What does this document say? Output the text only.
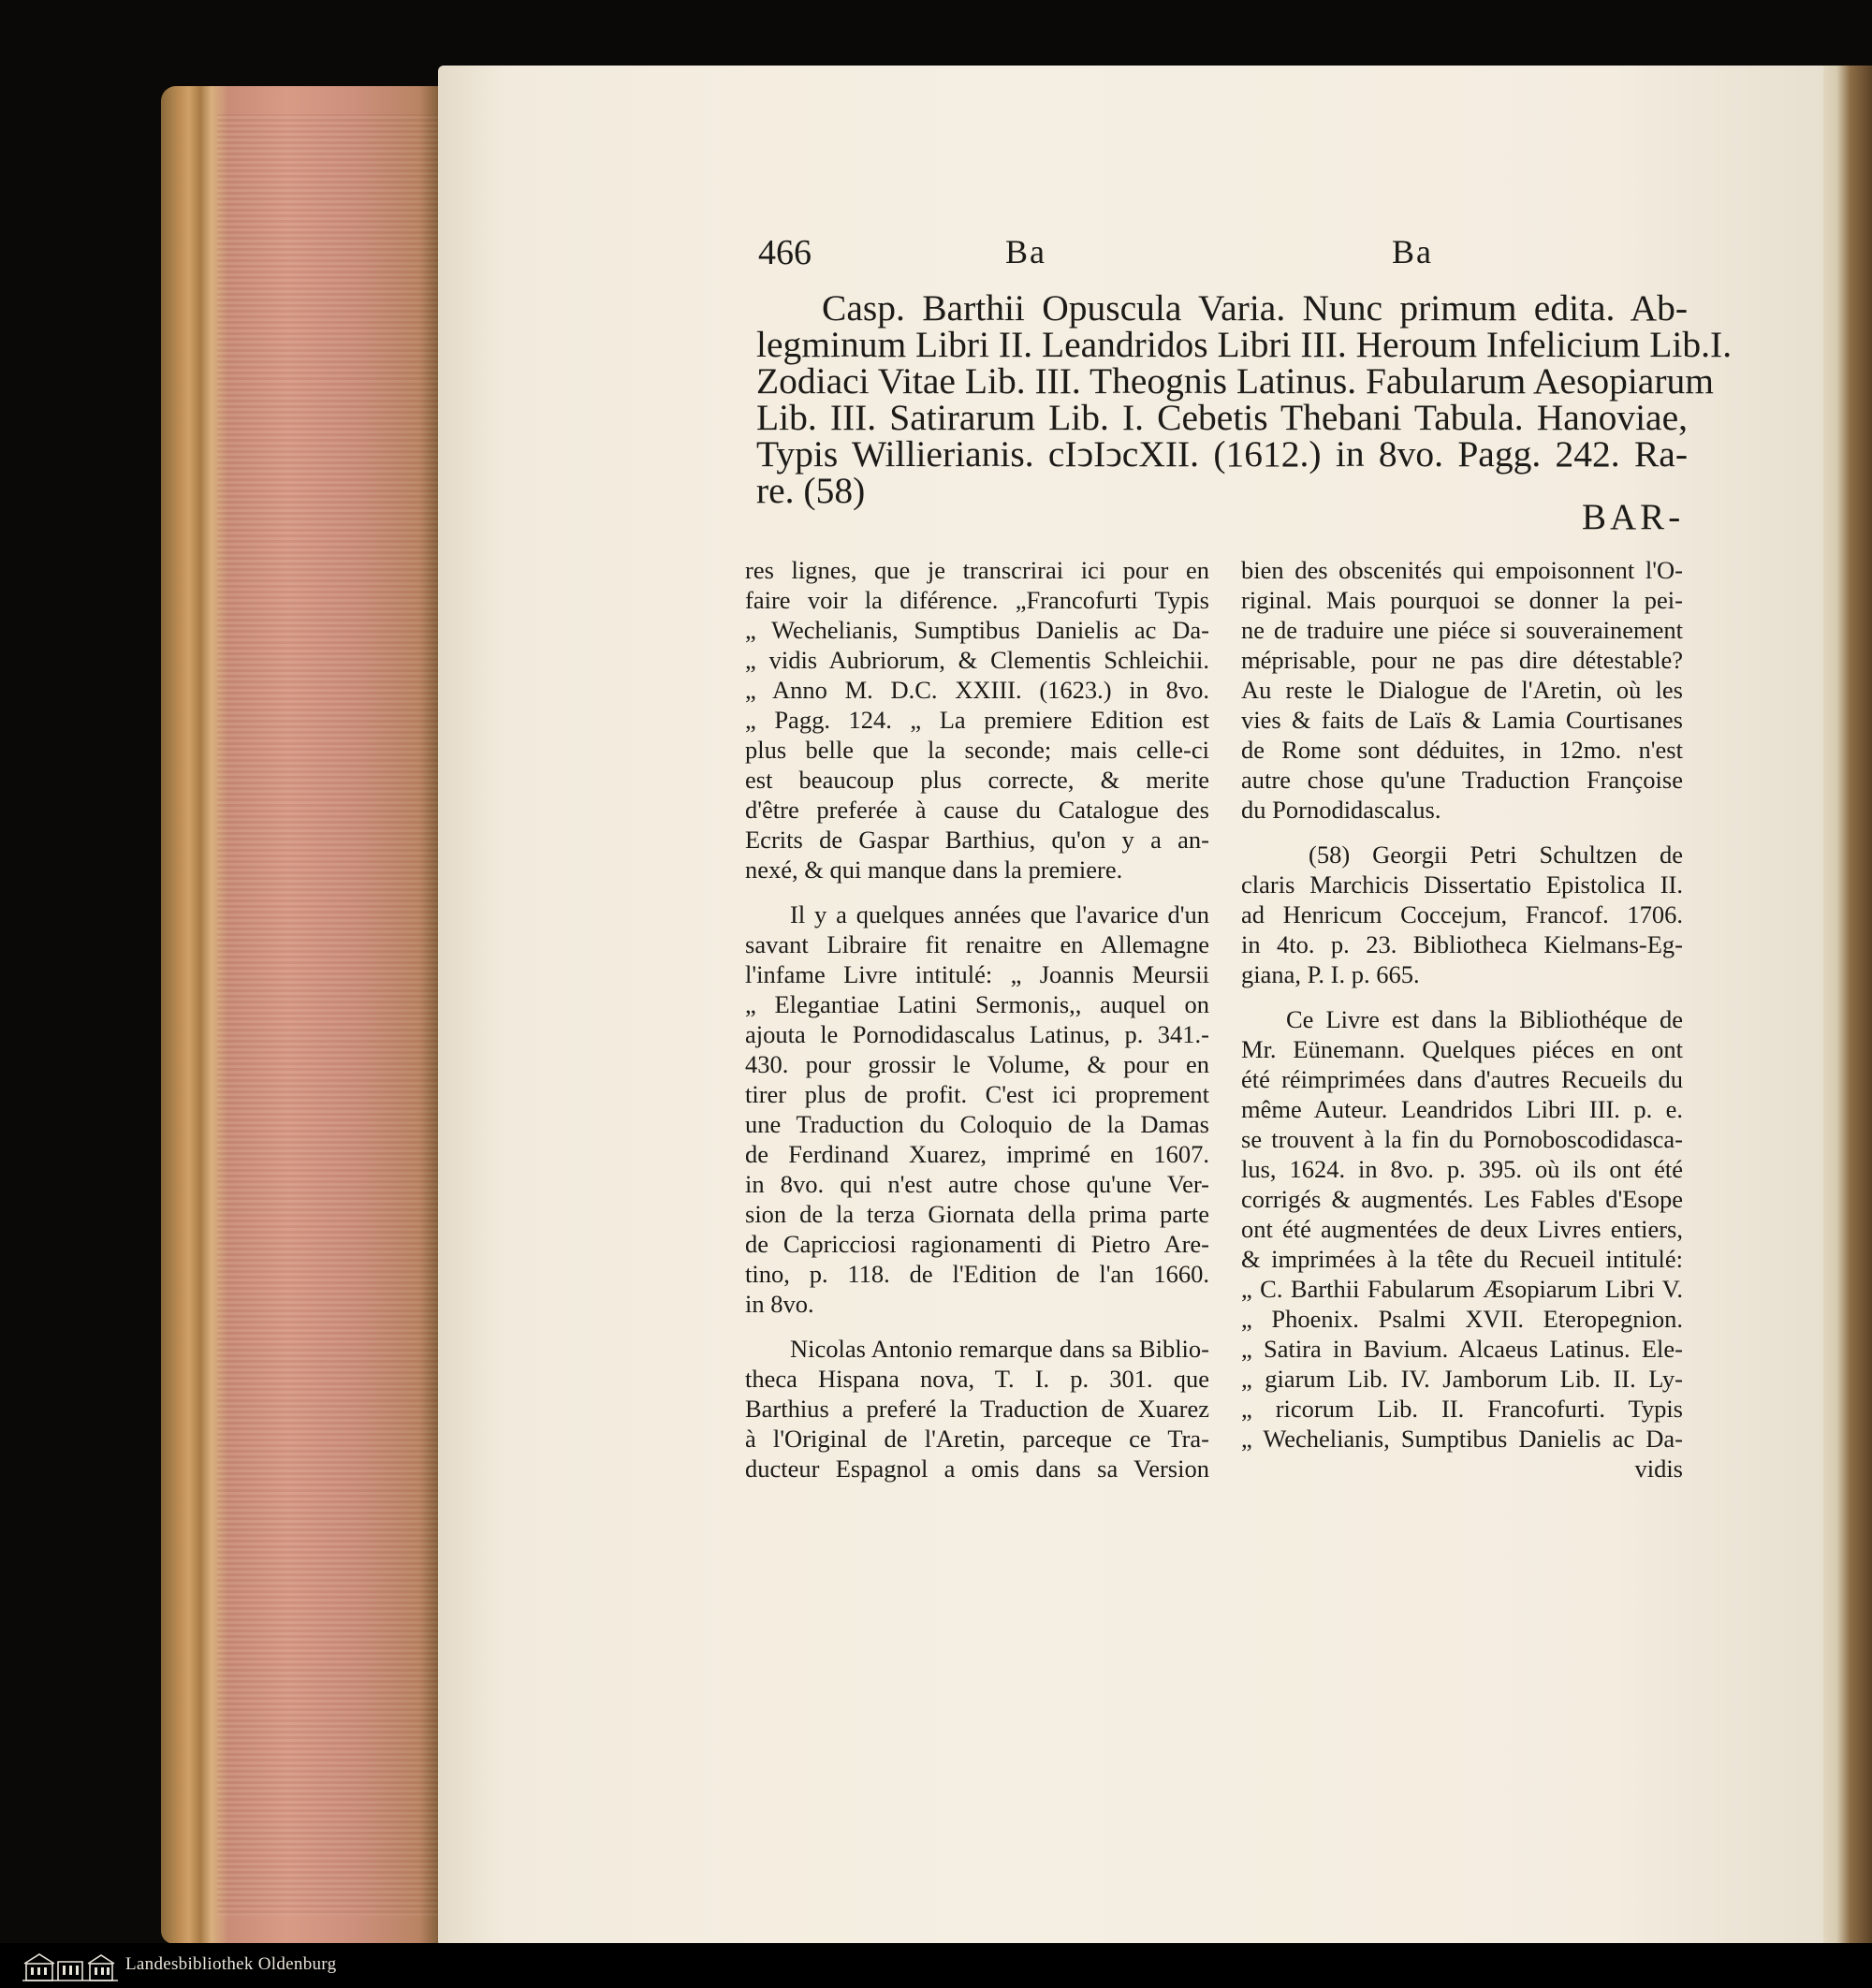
466	Ba	Ba
Casp. Barthii Opuscula Varia. Nunc primum edita. Ab-
legminum Libri II. Leandridos Libri III. Heroum Infelicium Lib.I.
Zodiaci Vitae Lib. III. Theognis Latinus. Fabularum Aesopiarum
Lib. III. Satirarum Lib. I. Cebetis Thebani Tabula. Hanoviae,
Typis Willierianis. cIↄIↄcXII. (1612.) in 8vo. Pagg. 242. Ra-
re. (58)
BAR-
res lignes, que je transcrirai ici pour en
faire voir la diférence. „Francofurti Typis
„ Wechelianis, Sumptibus Danielis ac Da-
„ vidis Aubriorum, & Clementis Schleichii.
„ Anno M. D.C. XXIII. (1623.) in 8vo.
„ Pagg. 124. „ La premiere Edition est
plus belle que la seconde; mais celle-ci
est beaucoup plus correcte, & merite
d'être preferée à cause du Catalogue des
Ecrits de Gaspar Barthius, qu'on y a an-
nexé, & qui manque dans la premiere.
Il y a quelques années que l'avarice d'un
savant Libraire fit renaitre en Allemagne
l'infame Livre intitulé: „ Joannis Meursii
„ Elegantiae Latini Sermonis,, auquel on
ajouta le Pornodidascalus Latinus, p. 341.-
430. pour grossir le Volume, & pour en
tirer plus de profit. C'est ici proprement
une Traduction du Coloquio de la Damas
de Ferdinand Xuarez, imprimé en 1607.
in 8vo. qui n'est autre chose qu'une Ver-
sion de la terza Giornata della prima parte
de Capricciosi ragionamenti di Pietro Are-
tino, p. 118. de l'Edition de l'an 1660.
in 8vo.
Nicolas Antonio remarque dans sa Biblio-
theca Hispana nova, T. I. p. 301. que
Barthius a preferé la Traduction de Xuarez
à l'Original de l'Aretin, parceque ce Tra-
ducteur Espagnol a omis dans sa Version
bien des obscenités qui empoisonnent l'O-
riginal. Mais pourquoi se donner la pei-
ne de traduire une piéce si souverainement
méprisable, pour ne pas dire détestable?
Au reste le Dialogue de l'Aretin, où les
vies & faits de Laïs & Lamia Courtisanes
de Rome sont déduites, in 12mo. n'est
autre chose qu'une Traduction Françoise
du Pornodidascalus.
(58) Georgii Petri Schultzen de
claris Marchicis Dissertatio Epistolica II.
ad Henricum Coccejum, Francof. 1706.
in 4to. p. 23. Bibliotheca Kielmans-Eg-
giana, P. I. p. 665.
Ce Livre est dans la Bibliothéque de
Mr. Eünemann. Quelques piéces en ont
été réimprimées dans d'autres Recueils du
même Auteur. Leandridos Libri III. p. e.
se trouvent à la fin du Pornoboscodidasca-
lus, 1624. in 8vo. p. 395. où ils ont été
corrigés & augmentés. Les Fables d'Esope
ont été augmentées de deux Livres entiers,
& imprimées à la tête du Recueil intitulé:
„ C. Barthii Fabularum Æsopiarum Libri V.
„ Phoenix. Psalmi XVII. Eteropegnion.
„ Satira in Bavium. Alcaeus Latinus. Ele-
„ giarum Lib. IV. Jamborum Lib. II. Ly-
„ ricorum Lib. II. Francofurti. Typis
„ Wechelianis, Sumptibus Danielis ac Da-
vidis
Landesbibliothek Oldenburg
